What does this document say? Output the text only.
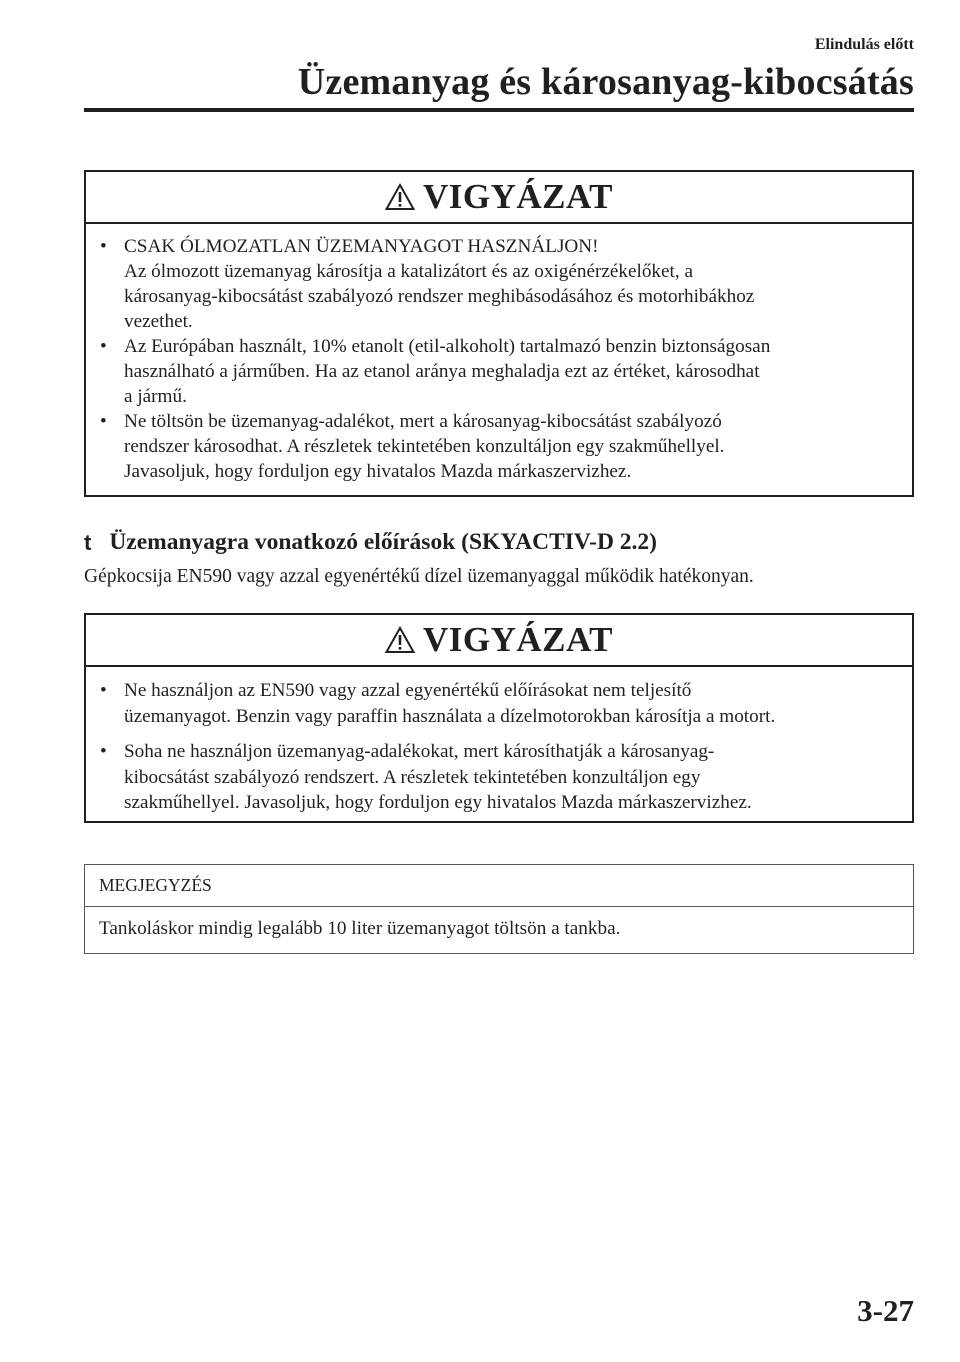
Elindulás előtt
Üzemanyag és károsanyag-kibocsátás
VIGYÁZAT
• CSAK ÓLMOZATLAN ÜZEMANYAGOT HASZNÁLJON!
Az ólmozott üzemanyag károsítja a katalizátort és az oxigénérzékelőket, a
károsanyag-kibocsátást szabályozó rendszer meghibásodásához és motorhibákhoz
vezethet.
• Az Európában használt, 10% etanolt (etil-alkoholt) tartalmazó benzin biztonságosan
használható a járműben. Ha az etanol aránya meghaladja ezt az értéket, károsodhat
a jármű.
• Ne töltsön be üzemanyag-adalékot, mert a károsanyag-kibocsátást szabályozó
rendszer károsodhat. A részletek tekintetében konzultáljon egy szakműhellyel.
Javasoljuk, hogy forduljon egy hivatalos Mazda márkaszervizhez.
t Üzemanyagra vonatkozó előírások (SKYACTIV-D 2.2)

Gépkocsija EN590 vagy azzal egyenértékű dízel üzemanyaggal működik hatékonyan.

VIGYÁZAT
• Ne használjon az EN590 vagy azzal egyenértékű előírásokat nem teljesítő
üzemanyagot. Benzin vagy paraffin használata a dízelmotorokban károsítja a motort.
• Soha ne használjon üzemanyag-adalékokat, mert károsíthatják a károsanyag-
kibocsátást szabályozó rendszert. A részletek tekintetében konzultáljon egy
szakműhellyel. Javasoljuk, hogy forduljon egy hivatalos Mazda márkaszervizhez.
MEGJEGYZÉS
Tankoláskor mindig legalább 10 liter üzemanyagot töltsön a tankba.
3-27
